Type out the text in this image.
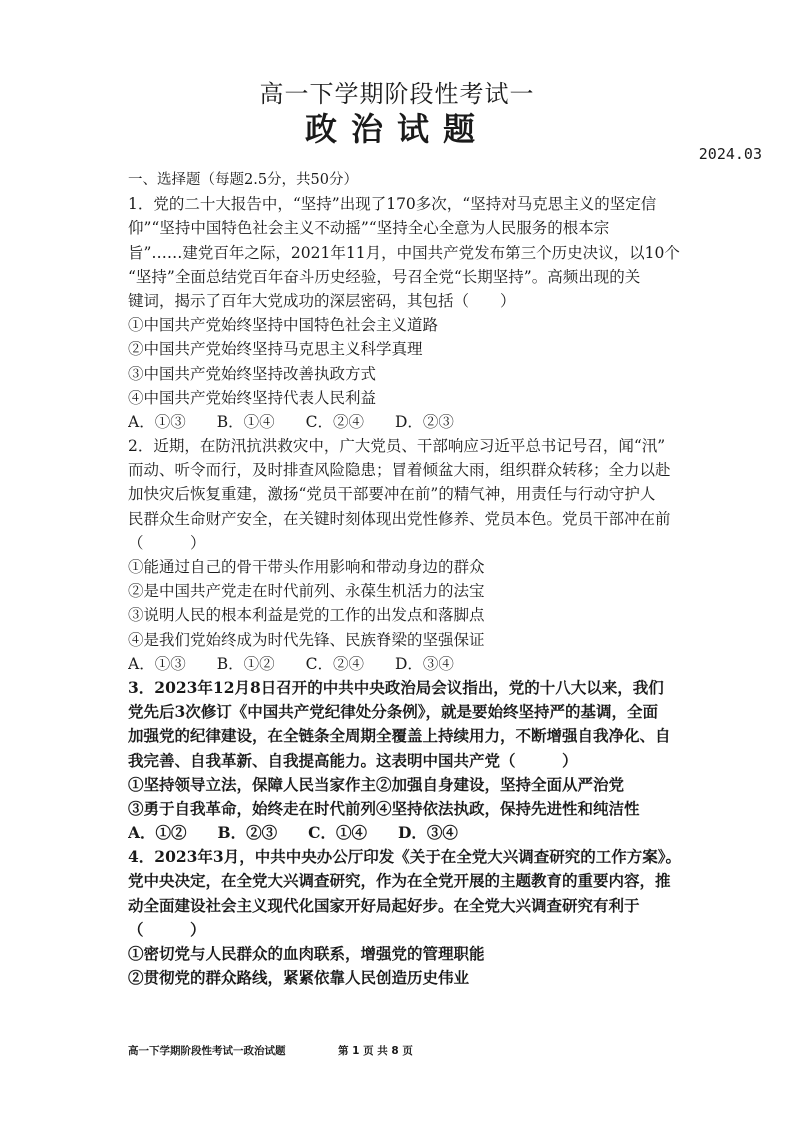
高一下学期阶段性考试一
政治试题
2024.03
一、选择题（每题2.5分，共50分）
1．党的二十大报告中，“坚持”出现了170多次，“坚持对马克思主义的坚定信
仰”“坚持中国特色社会主义不动摇”“坚持全心全意为人民服务的根本宗
旨”……建党百年之际，2021年11月，中国共产党发布第三个历史决议，以10个
“坚持”全面总结党百年奋斗历史经验，号召全党“长期坚持”。高频出现的关
键词，揭示了百年大党成功的深层密码，其包括（　　）
①中国共产党始终坚持中国特色社会主义道路
②中国共产党始终坚持马克思主义科学真理
③中国共产党始终坚持改善执政方式
④中国共产党始终坚持代表人民利益
A．①③　　B．①④　　C．②④　　D．②③
2．近期，在防汛抗洪救灾中，广大党员、干部响应习近平总书记号召，闻“汛”
而动、听令而行，及时排查风险隐患；冒着倾盆大雨，组织群众转移；全力以赴
加快灾后恢复重建，激扬“党员干部要冲在前”的精气神，用责任与行动守护人
民群众生命财产安全，在关键时刻体现出党性修养、党员本色。党员干部冲在前
（　　　）
①能通过自己的骨干带头作用影响和带动身边的群众
②是中国共产党走在时代前列、永葆生机活力的法宝
③说明人民的根本利益是党的工作的出发点和落脚点
④是我们党始终成为时代先锋、民族脊梁的坚强保证
A．①③　　B．①②　　C．②④　　D．③④
3．2023年12月8日召开的中共中央政治局会议指出，党的十八大以来，我们
党先后3次修订《中国共产党纪律处分条例》，就是要始终坚持严的基调，全面
加强党的纪律建设，在全链条全周期全覆盖上持续用力，不断增强自我净化、自
我完善、自我革新、自我提高能力。这表明中国共产党（　　　）
①坚持领导立法，保障人民当家作主②加强自身建设，坚持全面从严治党
③勇于自我革命，始终走在时代前列④坚持依法执政，保持先进性和纯洁性
A．①②　　B．②③　　C．①④　　D．③④
4．2023年3月，中共中央办公厅印发《关于在全党大兴调查研究的工作方案》。
党中央决定，在全党大兴调查研究，作为在全党开展的主题教育的重要内容，推
动全面建设社会主义现代化国家开好局起好步。在全党大兴调查研究有利于
（　　　）
①密切党与人民群众的血肉联系，增强党的管理职能
②贯彻党的群众路线，紧紧依靠人民创造历史伟业
高一下学期阶段性考试一政治试题	第 1 页 共 8 页
